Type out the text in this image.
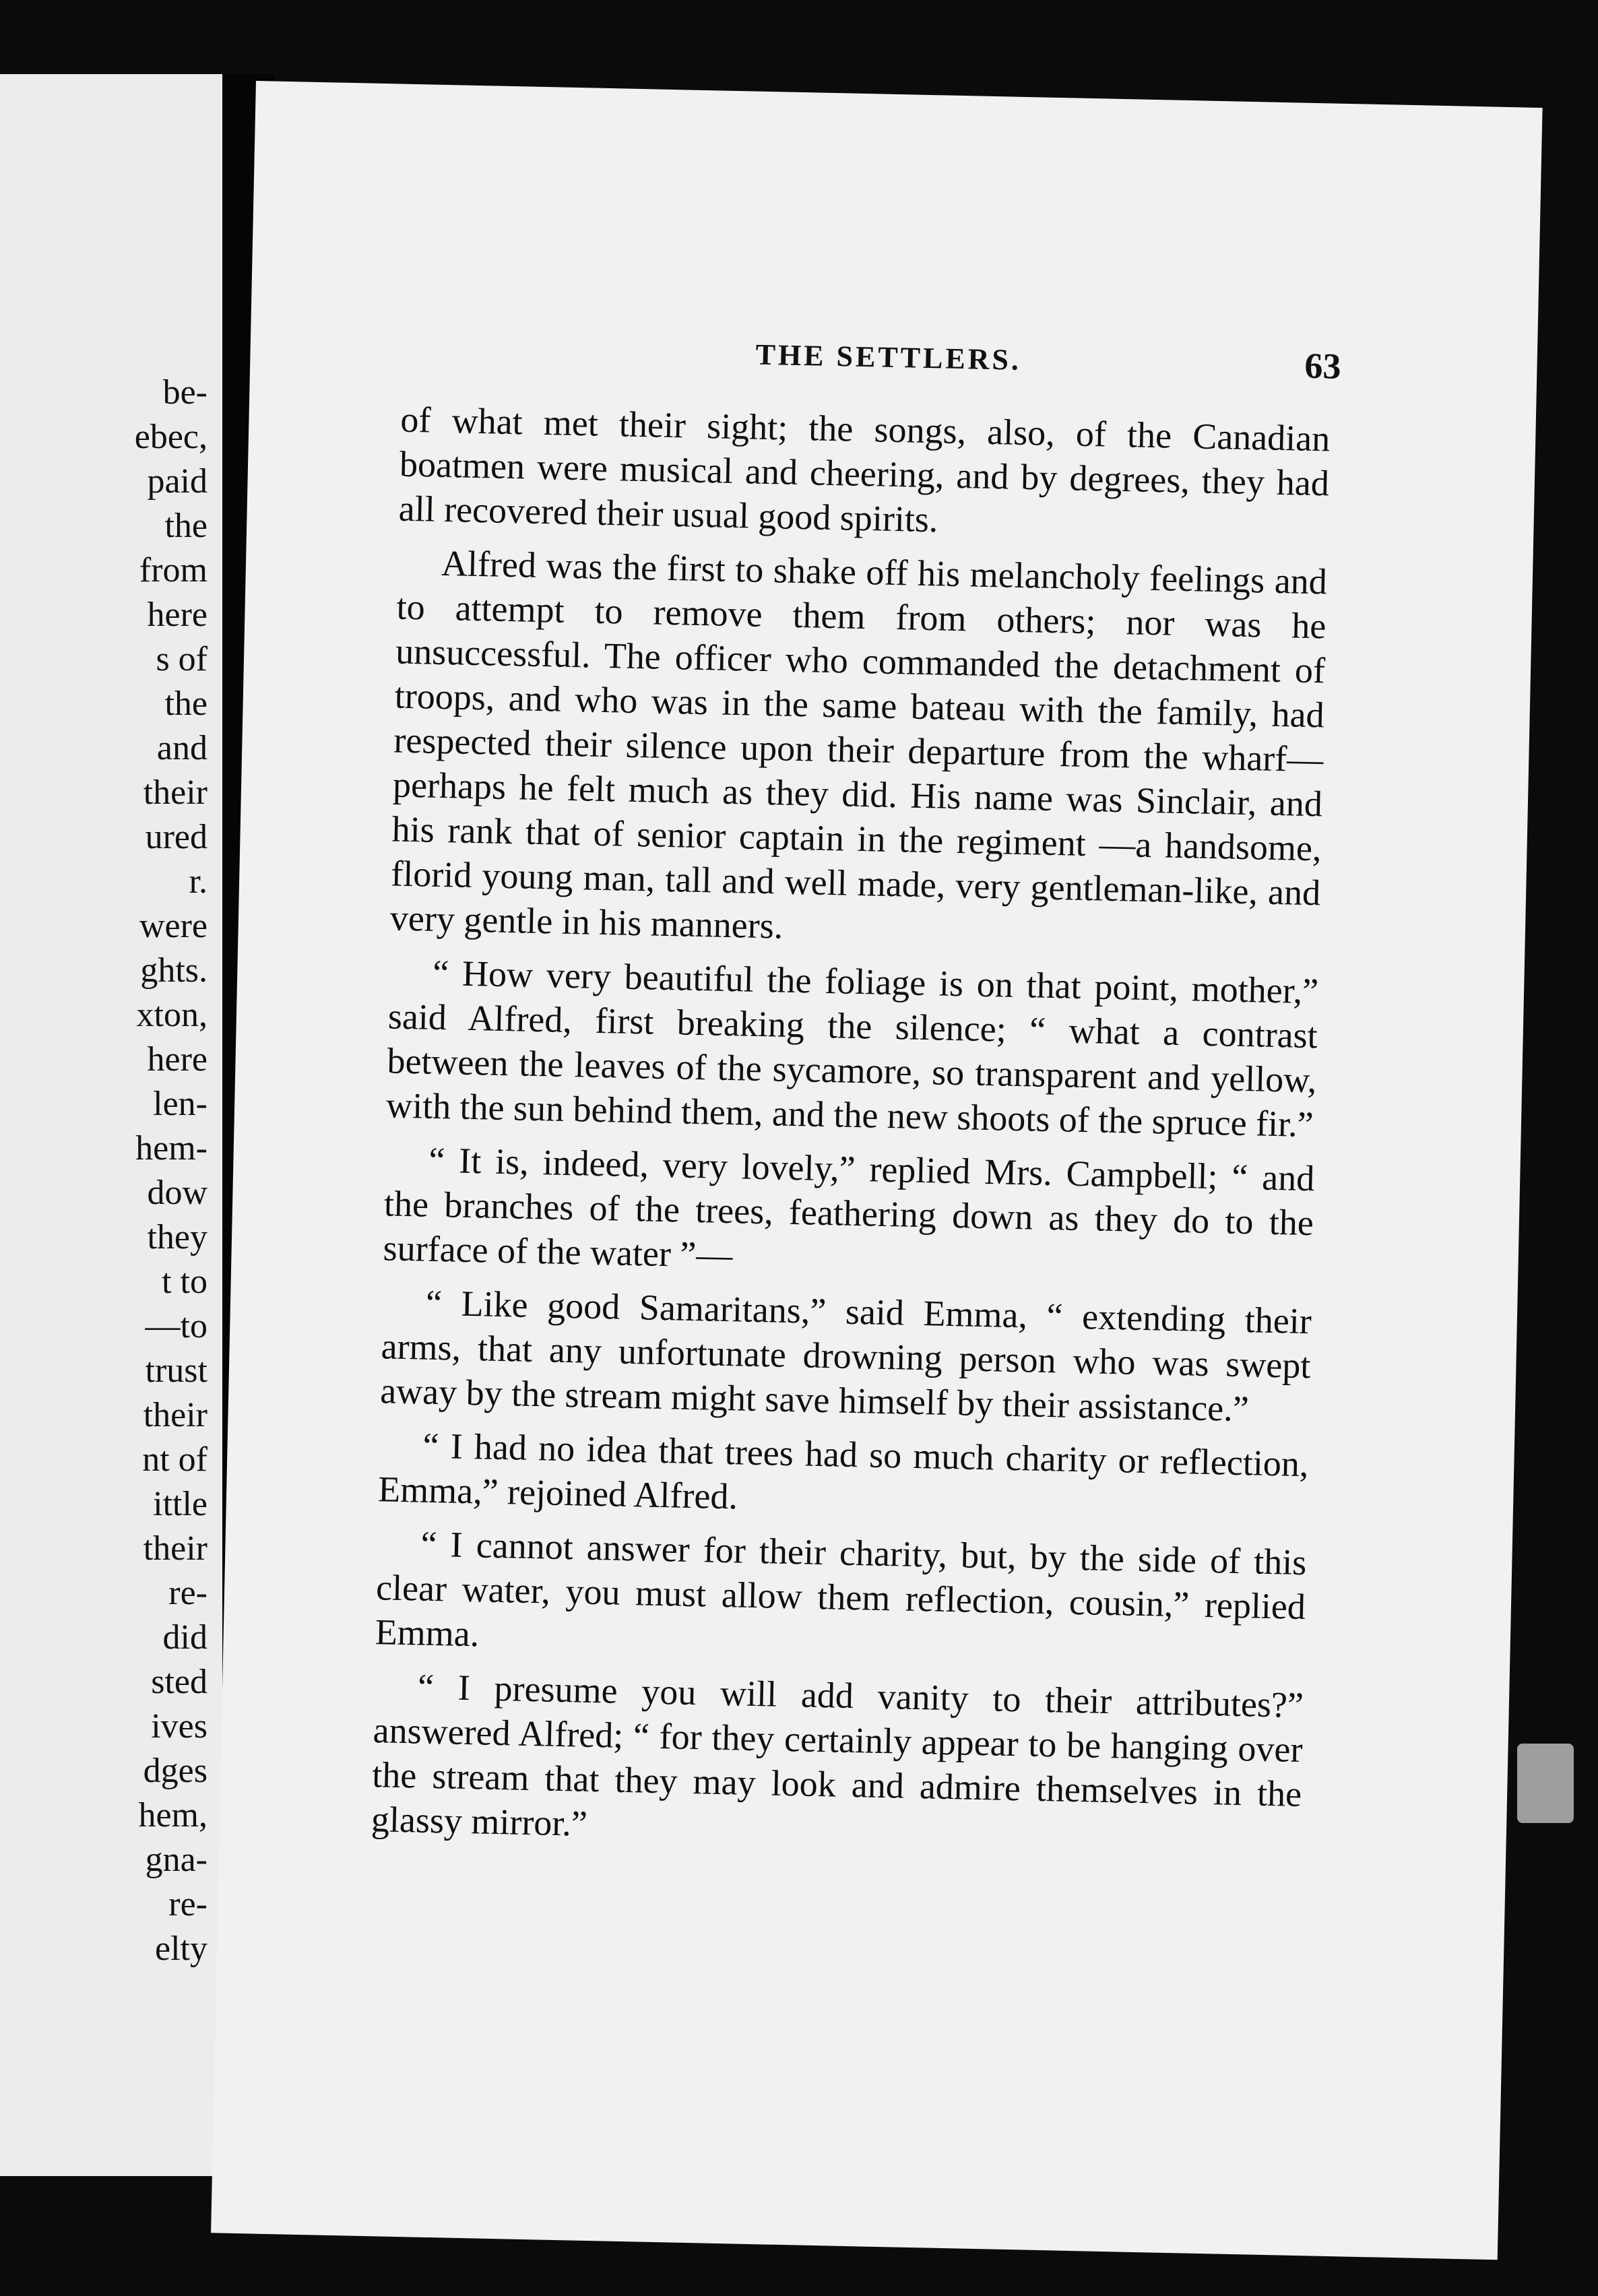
be-
ebec,
paid
the
from
here
s of
the
and
their
ured
r.
were
ghts.
xton,
here
len-
hem-
dow
they
t to
—to
trust
their
nt of
ittle
their
re-
did
sted
ives
dges
hem,
gna-
re-
elty
THE SETTLERS.	63

of what met their sight; the songs, also, of the Canadian boatmen were musical and cheering, and by degrees, they had all recovered their usual good spirits.

Alfred was the first to shake off his melancholy feelings and to attempt to remove them from others; nor was he unsuccessful. The officer who commanded the detachment of troops, and who was in the same bateau with the family, had respected their silence upon their departure from the wharf—perhaps he felt much as they did. His name was Sinclair, and his rank that of senior captain in the regiment —a handsome, florid young man, tall and well made, very gentleman-like, and very gentle in his manners.

“ How very beautiful the foliage is on that point, mother,” said Alfred, first breaking the silence; “ what a contrast between the leaves of the sycamore, so transparent and yellow, with the sun behind them, and the new shoots of the spruce fir.”

“ It is, indeed, very lovely,” replied Mrs. Campbell; “ and the branches of the trees, feathering down as they do to the surface of the water ”—

“ Like good Samaritans,” said Emma, “ extending their arms, that any unfortunate drowning person who was swept away by the stream might save himself by their assistance.”

“ I had no idea that trees had so much charity or reflection, Emma,” rejoined Alfred.

“ I cannot answer for their charity, but, by the side of this clear water, you must allow them reflection, cousin,” replied Emma.

“ I presume you will add vanity to their attributes?” answered Alfred; “ for they certainly appear to be hanging over the stream that they may look and admire themselves in the glassy mirror.”
